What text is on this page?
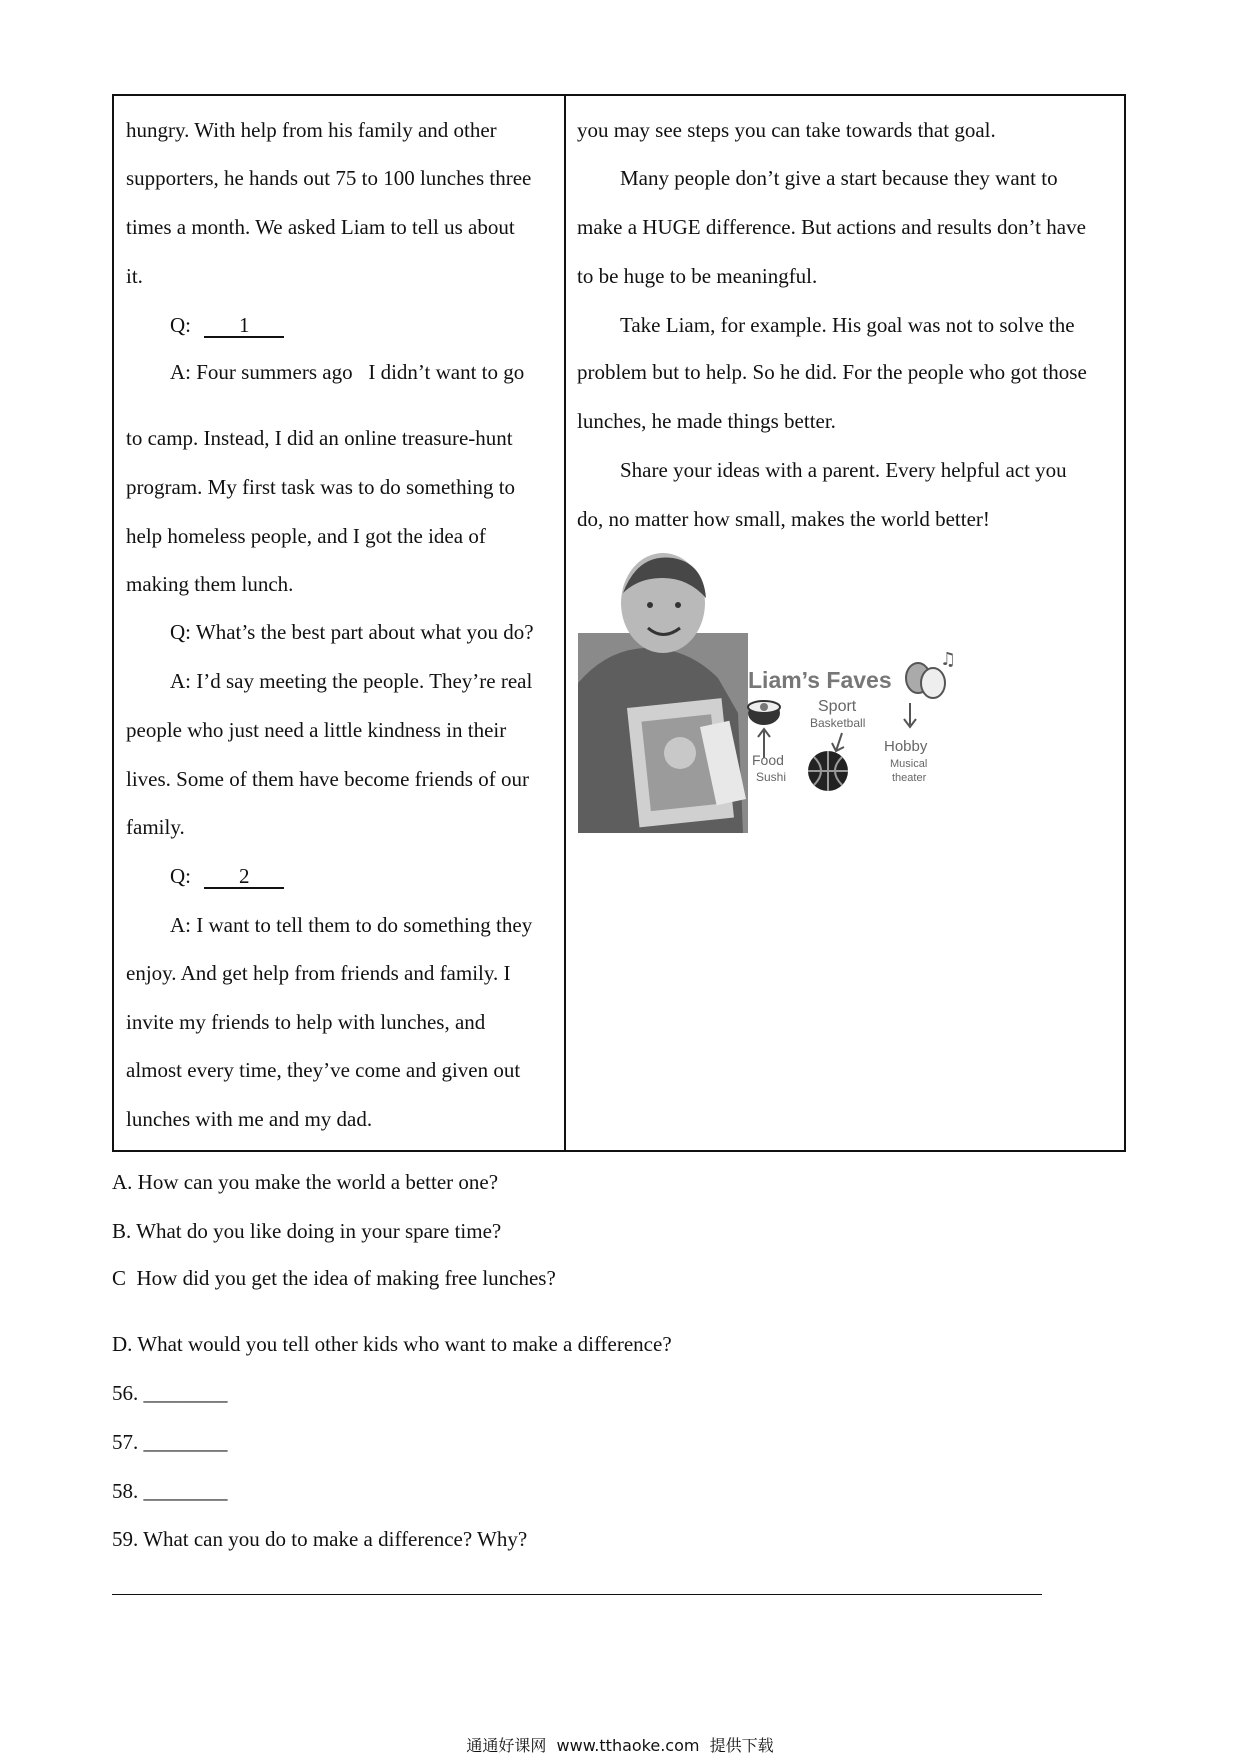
hungry. With help from his family and other
supporters, he hands out 75 to 100 lunches three
times a month. We asked Liam to tell us about
it.
Q: 1
A: Four summers ago   I didn’t want to go
to camp. Instead, I did an online treasure-hunt
program. My first task was to do something to
help homeless people, and I got the idea of
making them lunch.
Q: What’s the best part about what you do?
A: I’d say meeting the people. They’re real
people who just need a little kindness in their
lives. Some of them have become friends of our
family.
Q: 2
A: I want to tell them to do something they
enjoy. And get help from friends and family. I
invite my friends to help with lunches, and
almost every time, they’ve come and given out
lunches with me and my dad.
you may see steps you can take towards that goal.
Many people don’t give a start because they want to
make a HUGE difference. But actions and results don’t have
to be huge to be meaningful.
Take Liam, for example. His goal was not to solve the
problem but to help. So he did. For the people who got those
lunches, he made things better.
Share your ideas with a parent. Every helpful act you
do, no matter how small, makes the world better!
Liam’s Faves
♫
Sport
Basketball
Food
Sushi
Hobby
Musical
theater
A. How can you make the world a better one?
B. What do you like doing in your spare time?
C  How did you get the idea of making free lunches?
D. What would you tell other kids who want to make a difference?
56. ________
57. ________
58. ________
59. What can you do to make a difference? Why?
通通好课网  www.tthaoke.com  提供下载
